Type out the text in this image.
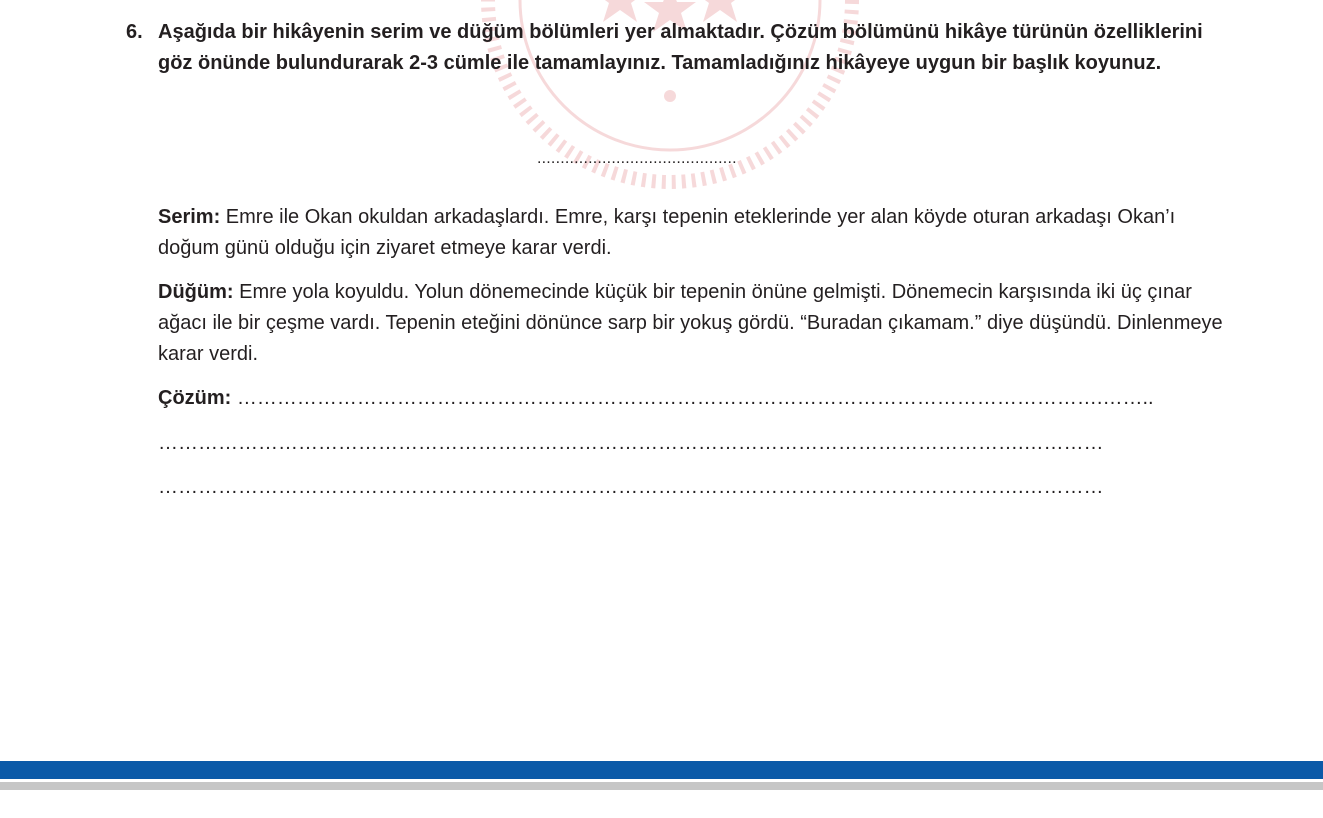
6. Aşağıda bir hikâyenin serim ve düğüm bölümleri yer almaktadır. Çözüm bölümünü hikâye türünün özelliklerini göz önünde bulundurarak 2-3 cümle ile tamamlayınız. Tamamladığınız hikâyeye uygun bir başlık koyunuz.
...........................................
Serim: Emre ile Okan okuldan arkadaşlardı. Emre, karşı tepenin eteklerinde yer alan köyde oturan arkadaşı Okan’ı doğum günü olduğu için ziyaret etmeye karar verdi.
Düğüm: Emre yola koyuldu. Yolun dönemecinde küçük bir tepenin önüne gelmişti. Dönemecin karşısında iki üç çınar ağacı ile bir çeşme vardı. Tepenin eteğini dönünce sarp bir yokuş gördü. “Buradan çıkamam.” diye düşündü. Dinlenmeye karar verdi.
Çözüm: ………………………………………………………………………………………………………………….……..
………………………………………………………………………………………………………………….…………
………………………………………………………………………………………………………………….…………
